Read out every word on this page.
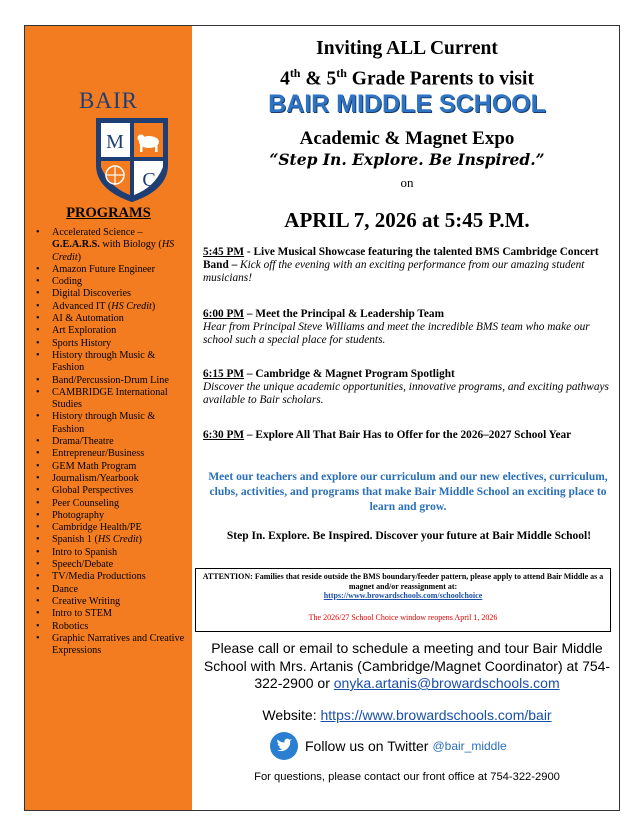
BAIR
M
C
PROGRAMS
• Accelerated Science –
G.E.A.R.S. with Biology (HS Credit)
• Amazon Future Engineer
• Coding
• Digital Discoveries
• Advanced IT (HS Credit)
• AI & Automation
• Art Exploration
• Sports History
• History through Music & Fashion
• Band/Percussion-Drum Line
• CAMBRIDGE International Studies
• History through Music & Fashion
• Drama/Theatre
• Entrepreneur/Business
• GEM Math Program
• Journalism/Yearbook
• Global Perspectives
• Peer Counseling
• Photography
• Cambridge Health/PE
• Spanish 1 (HS Credit)
• Intro to Spanish
• Speech/Debate
• TV/Media Productions
• Dance
• Creative Writing
• Intro to STEM
• Robotics
• Graphic Narratives and Creative Expressions
Inviting ALL Current
4th & 5th Grade Parents to visit
BAIR MIDDLE SCHOOL
Academic & Magnet Expo
“Step In. Explore. Be Inspired.”
on
APRIL 7, 2026 at 5:45 P.M.
5:45 PM - Live Musical Showcase featuring the talented BMS Cambridge Concert Band – Kick off the evening with an exciting performance from our amazing student musicians!
6:00 PM – Meet the Principal & Leadership Team
Hear from Principal Steve Williams and meet the incredible BMS team who make our school such a special place for students.
6:15 PM – Cambridge & Magnet Program Spotlight
Discover the unique academic opportunities, innovative programs, and exciting pathways available to Bair scholars.
6:30 PM – Explore All That Bair Has to Offer for the 2026–2027 School Year
Meet our teachers and explore our curriculum and our new electives, curriculum, clubs, activities, and programs that make Bair Middle School an exciting place to learn and grow.
Step In. Explore. Be Inspired. Discover your future at Bair Middle School!
ATTENTION: Families that reside outside the BMS boundary/feeder pattern, please apply to attend Bair Middle as a magnet and/or reassignment at:
https://www.browardschools.com/schoolchoice
The 2026/27 School Choice window reopens April 1, 2026
Please call or email to schedule a meeting and tour Bair Middle School with Mrs. Artanis (Cambridge/Magnet Coordinator) at 754-322-2900 or onyka.artanis@browardschools.com
Website: https://www.browardschools.com/bair
Follow us on Twitter @bair_middle
For questions, please contact our front office at 754-322-2900
